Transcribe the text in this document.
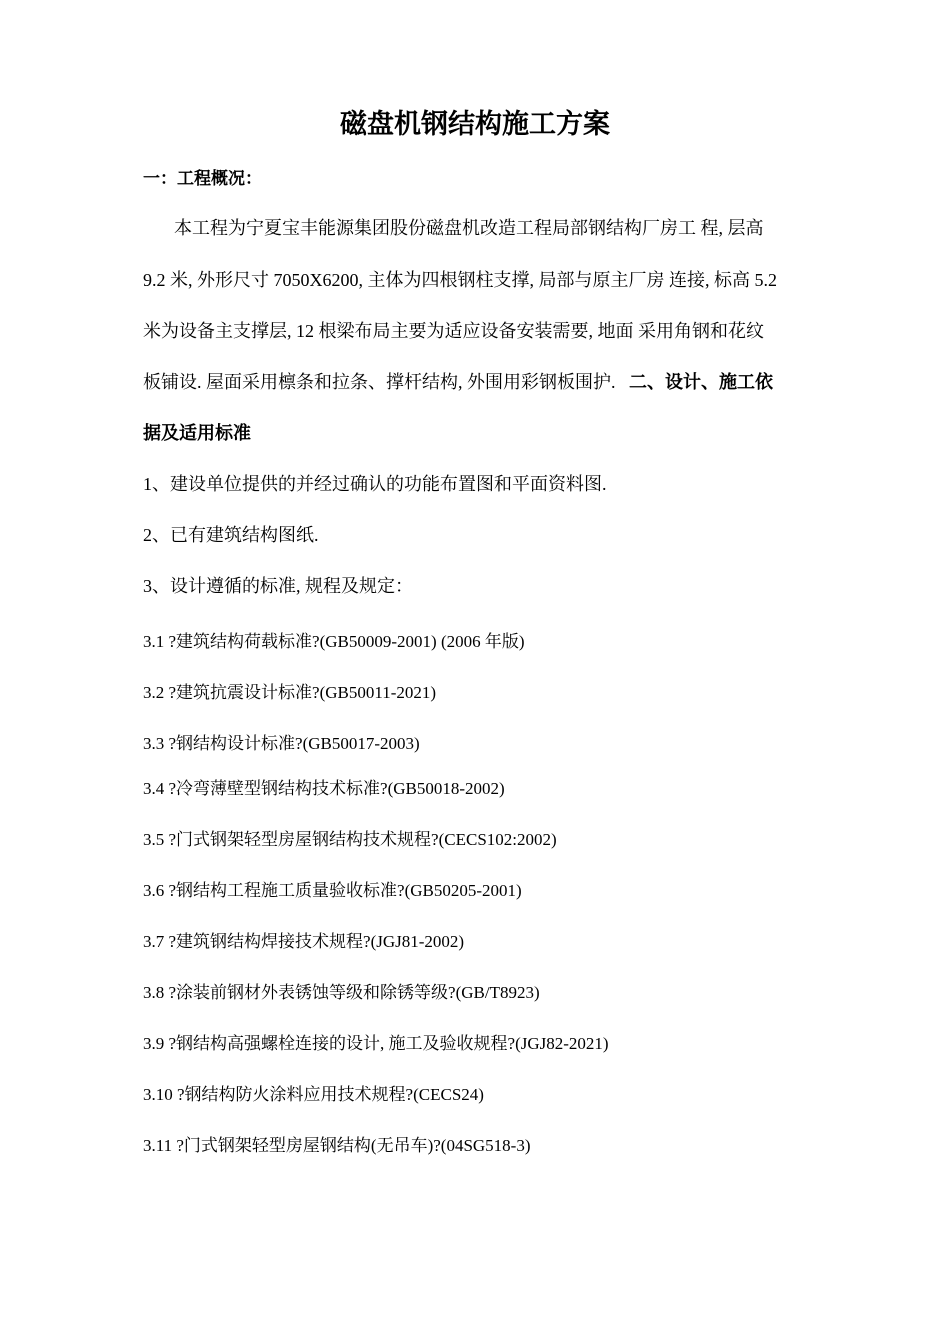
磁盘机钢结构施工方案

一：工程概况：

本工程为宁夏宝丰能源集团股份磁盘机改造工程局部钢结构厂房工 程, 层高

9.2 米, 外形尺寸 7050X6200, 主体为四根钢柱支撑, 局部与原主厂房 连接, 标高 5.2

米为设备主支撑层, 12 根梁布局主要为适应设备安装需要, 地面 采用角钢和花纹

板铺设. 屋面采用檩条和拉条、撑杆结构, 外围用彩钢板围护. 二、设计、施工依

据及适用标准

1、建设单位提供的并经过确认的功能布置图和平面资料图.

2、已有建筑结构图纸.

3、设计遵循的标准, 规程及规定：

3.1 ?建筑结构荷载标准?(GB50009-2001) (2006 年版)

3.2 ?建筑抗震设计标准?(GB50011-2021)

3.3 ?钢结构设计标准?(GB50017-2003)

3.4 ?冷弯薄壁型钢结构技术标准?(GB50018-2002)

3.5 ?门式钢架轻型房屋钢结构技术规程?(CECS102:2002)

3.6 ?钢结构工程施工质量验收标准?(GB50205-2001)

3.7 ?建筑钢结构焊接技术规程?(JGJ81-2002)

3.8 ?涂装前钢材外表锈蚀等级和除锈等级?(GB/T8923)

3.9 ?钢结构高强螺栓连接的设计, 施工及验收规程?(JGJ82-2021)

3.10 ?钢结构防火涂料应用技术规程?(CECS24)

3.11 ?门式钢架轻型房屋钢结构(无吊车)?(04SG518-3)
